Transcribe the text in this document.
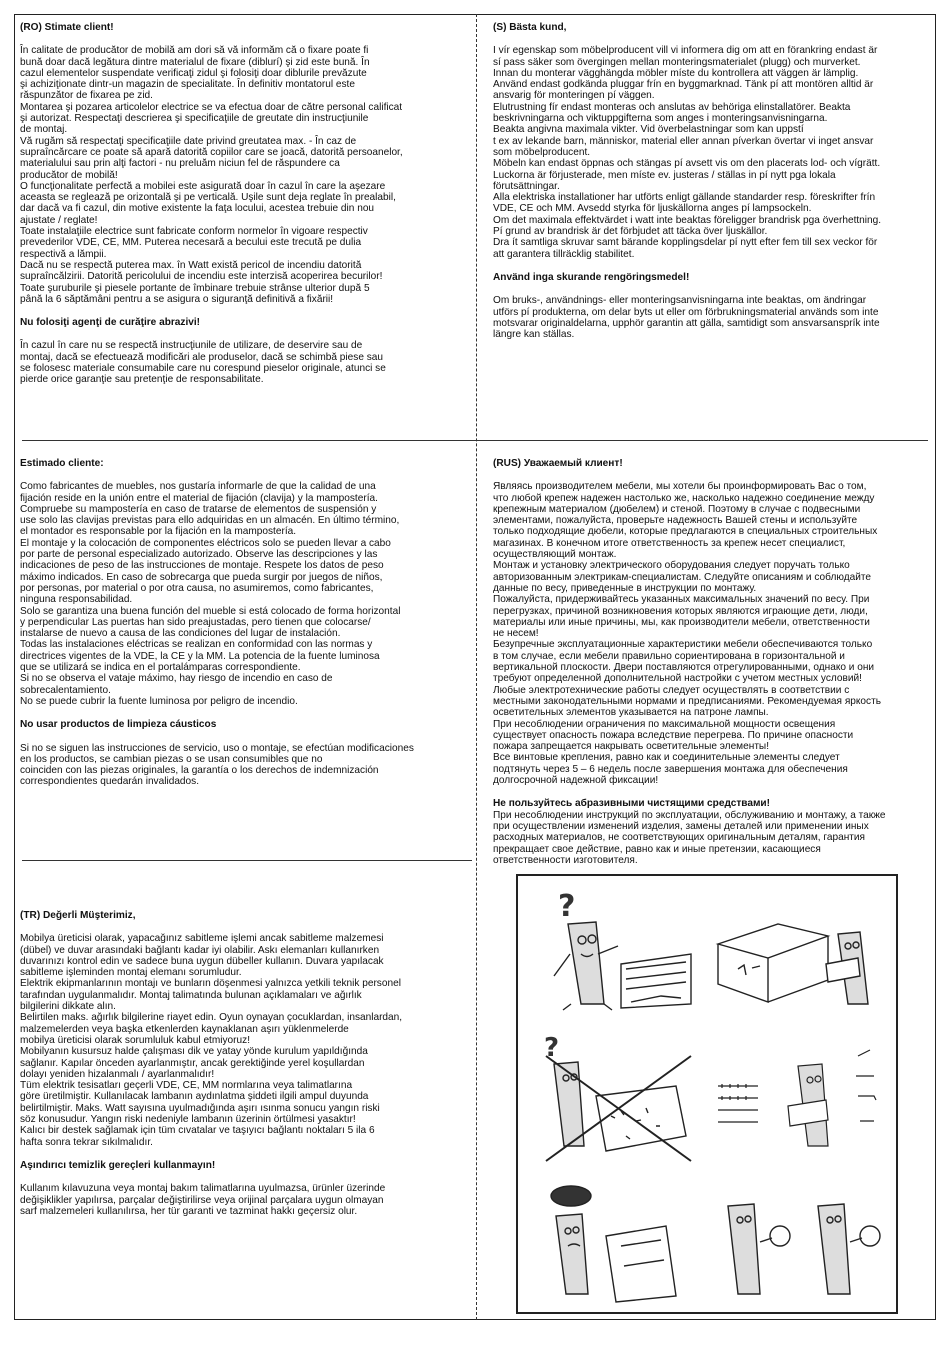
(RO) Stimate client!

În calitate de producător de mobilă am dori să vă informăm că o fixare poate fi
bună doar dacă legătura dintre materialul de fixare (diblurí) şi zid este bună. În
cazul elementelor suspendate verificaţi zidul şi folosiţi doar diblurile prevăzute
şi achiziţionate dintr-un magazin de specialitate. În definitiv montatorul este
răspunzător de fixarea pe zid.
Montarea şi pozarea articolelor electrice se va efectua doar de către personal calificat
şi autorizat. Respectaţi descrierea şi specificaţiile de greutate din instrucţiunile
de montaj.
Vă rugăm să respectaţi specificaţiile date privind greutatea max. - În caz de
supraîncărcare ce poate să apară datorită copiilor care se joacă, datorită persoanelor,
materialului sau prin alţi factori - nu preluăm niciun fel de răspundere ca
producător de mobilă!
O funcţionalitate perfectă a mobilei este asigurată doar în cazul în care la aşezare
aceasta se reglează pe orizontală şi pe verticală. Uşile sunt deja reglate în prealabil,
dar dacă va fi cazul, din motive existente la faţa locului, acestea trebuie din nou
ajustate / reglate!
Toate instalaţiile electrice sunt fabricate conform normelor în vigoare respectiv
prevederilor VDE, CE, MM. Puterea necesară a becului este trecută pe dulia
respectivă a lămpii.
Dacă nu se respectă puterea max. în Watt există pericol de incendiu datorită
supraîncălzirii. Datorită pericolului de incendiu este interzisă acoperirea becurilor!
Toate şuruburile şi piesele portante de îmbinare trebuie strânse ulterior după 5
până la 6 săptămâni pentru a se asigura o siguranţă definitivă a fixării!

Nu folosiţi agenţi de curăţire abrazivi!

În cazul în care nu se respectă instrucţiunile de utilizare, de deservire sau de
montaj, dacă se efectuează modificări ale produselor, dacă se schimbă piese sau
se folosesc materiale consumabile care nu corespund pieselor originale, atunci se
pierde orice garanţie sau pretenţie de responsabilitate.

(S) Bästa kund,

I vír egenskap som möbelproducent vill vi informera dig om att en förankring endast är
sí pass säker som övergingen mellan monteringsmaterialet (plugg) och murverket.
Innan du monterar vägghängda möbler míste du kontrollera att väggen är lämplig.
Använd endast godkända pluggar frín en byggmarknad. Tänk pí att montören alltid är
ansvarig för monteringen pí väggen.
Elutrustning fír endast monteras och anslutas av behöriga elinstallatörer. Beakta
beskrivningarna och viktuppgifterna som anges i monteringsanvisningarna.
Beakta angivna maximala vikter. Vid överbelastningar som kan uppstí
t ex av lekande barn, människor, material eller annan píverkan övertar vi inget ansvar
som möbelproducent.
Möbeln kan endast öppnas och stängas pí avsett vis om den placerats lod- och vígrätt.
Luckorna är förjusterade, men míste ev. justeras / ställas in pí nytt pga lokala
förutsättningar.
Alla elektriska installationer har utförts enligt gällande standarder resp. föreskrifter frín
VDE, CE och MM. Avsedd styrka för ljuskällorna anges pí lampsockeln.
Om det maximala effektvärdet i watt inte beaktas föreligger brandrisk pga överhettning.
Pí grund av brandrisk är det förbjudet att täcka över ljuskällor.
Dra ít samtliga skruvar samt bärande kopplingsdelar pí nytt efter fem till sex veckor för
att garantera tillräcklig stabilitet.

Använd inga skurande rengöringsmedel!

Om bruks-, användnings- eller monteringsanvisningarna inte beaktas, om ändringar
utförs pí produkterna, om delar byts ut eller om förbrukningsmaterial används som inte
motsvarar originaldelarna, upphör garantin att gälla, samtidigt som ansvarsansprík inte
längre kan ställas.

Estimado cliente:

Como fabricantes de muebles, nos gustaría informarle de que la calidad de una
fijación reside en la unión entre el material de fijación (clavija) y la mampostería.
Compruebe su mampostería en caso de tratarse de elementos de suspensión y
use solo las clavijas previstas para ello adquiridas en un almacén. En último término,
el montador es responsable por la fijación en la mampostería.
El montaje y la colocación de componentes eléctricos solo se pueden llevar a cabo
por parte de personal especializado autorizado. Observe las descripciones y las
indicaciones de peso de las instrucciones de montaje. Respete los datos de peso
máximo indicados. En caso de sobrecarga que pueda surgir por juegos de niños,
por personas, por material o por otra causa, no asumiremos, como fabricantes,
ninguna responsabilidad.
Solo se garantiza una buena función del mueble si está colocado de forma horizontal
y perpendicular Las puertas han sido preajustadas, pero tienen que colocarse/
instalarse de nuevo a causa de las condiciones del lugar de instalación.
Todas las instalaciones eléctricas se realizan en conformidad con las normas y
directrices vigentes de la VDE, la CE y la MM. La potencia de la fuente luminosa
que se utilizará se indica en el portalámparas correspondiente.
Si no se observa el vataje máximo, hay riesgo de incendio en caso de
sobrecalentamiento.
No se puede cubrir la fuente luminosa por peligro de incendio.

No usar productos de limpieza cáusticos

Si no se siguen las instrucciones de servicio, uso o montaje, se efectúan modificaciones
en los productos, se cambian piezas o se usan consumibles que no
coinciden con las piezas originales, la garantía o los derechos de indemnización
correspondientes quedarán invalidados.

(RUS) Уважаемый клиент!

Являясь производителем мебели, мы хотели бы проинформировать Вас о том,
что любой крепеж надежен настолько же, насколько надежно соединение между
крепежным материалом (дюбелем) и стеной. Поэтому в случае с подвесными
элементами, пожалуйста, проверьте надежность Вашей стены и используйте
только подходящие дюбели, которые предлагаются в специальных строительных
магазинах. В конечном итоге ответственность за крепеж несет специалист,
осуществляющий монтаж.
Монтаж и установку электрического оборудования следует поручать только
авторизованным электрикам-специалистам. Следуйте описаниям и соблюдайте
данные по весу, приведенные в инструкции по монтажу.
Пожалуйста, придерживайтесь указанных максимальных значений по весу. При
перегрузках, причиной возникновения которых являются играющие дети, люди,
материалы или иные причины, мы, как производители мебели, ответственности
не несем!
Безупречные эксплуатационные характеристики мебели обеспечиваются только
в том случае, если мебели правильно сориентирована в горизонтальной и
вертикальной плоскости. Двери поставляются отрегулированными, однако и они
требуют определенной дополнительной настройки с учетом местных условий!
Любые электротехнические работы следует осуществлять в соответствии с
местными законодательными нормами и предписаниями. Рекомендуемая яркость
осветительных элементов указывается на патроне лампы.
При несоблюдении ограничения по максимальной мощности освещения
существует опасность пожара вследствие перегрева. По причине опасности
пожара запрещается накрывать осветительные элементы!
Все винтовые крепления, равно как и соединительные элементы следует
подтянуть через 5 – 6 недель после завершения монтажа для обеспечения
долгосрочной надежной фиксации!

Не пользуйтесь абразивными чистящими средствами!

При несоблюдении инструкций по эксплуатации, обслуживанию и монтажу, а также
при осуществлении изменений изделия, замены деталей или применении иных
расходных материалов, не соответствующих оригинальным деталям, гарантия
прекращает свое действие, равно как и иные претензии, касающиеся
ответственности изготовителя.

(TR) Değerli Müşterimiz,

Mobilya üreticisi olarak, yapacağınız sabitleme işlemi ancak sabitleme malzemesi
(dübel) ve duvar arasındaki bağlantı kadar iyi olabilir. Askı elemanları kullanırken
duvarınızı kontrol edin ve sadece buna uygun dübeller kullanın. Duvara yapılacak
sabitleme işleminden montaj elemanı sorumludur.
Elektrik ekipmanlarının montajı ve bunların döşenmesi yalnızca yetkili teknik personel
tarafından uygulanmalıdır. Montaj talimatında bulunan açıklamaları ve ağırlık
bilgilerini dikkate alın.
Belirtilen maks. ağırlık bilgilerine riayet edin. Oyun oynayan çocuklardan, insanlardan,
malzemelerden veya başka etkenlerden kaynaklanan aşırı yüklenmelerde
mobilya üreticisi olarak sorumluluk kabul etmiyoruz!
Mobilyanın kusursuz halde çalışması dik ve yatay yönde kurulum yapıldığında
sağlanır. Kapılar önceden ayarlanmıştır, ancak gerektiğinde yerel koşullardan
dolayı yeniden hizalanmalı / ayarlanmalıdır!
Tüm elektrik tesisatları geçerli VDE, CE, MM normlarına veya talimatlarına
göre üretilmiştir. Kullanılacak lambanın aydınlatma şiddeti ilgili ampul duyunda
belirtilmiştir. Maks. Watt sayısına uyulmadığında aşırı ısınma sonucu yangın riski
söz konusudur. Yangın riski nedeniyle lambanın üzerinin örtülmesi yasaktır!
Kalıcı bir destek sağlamak için tüm cıvatalar ve taşıyıcı bağlantı noktaları 5 ila 6
hafta sonra tekrar sıkılmalıdır.

Aşındırıcı temizlik gereçleri kullanmayın!

Kullanım kılavuzuna veya montaj bakım talimatlarına uyulmazsa, ürünler üzerinde
değişiklikler yapılırsa, parçalar değiştirilirse veya orijinal parçalara uygun olmayan
sarf malzemeleri kullanılırsa, her tür garanti ve tazminat hakkı geçersiz olur.

?
?
